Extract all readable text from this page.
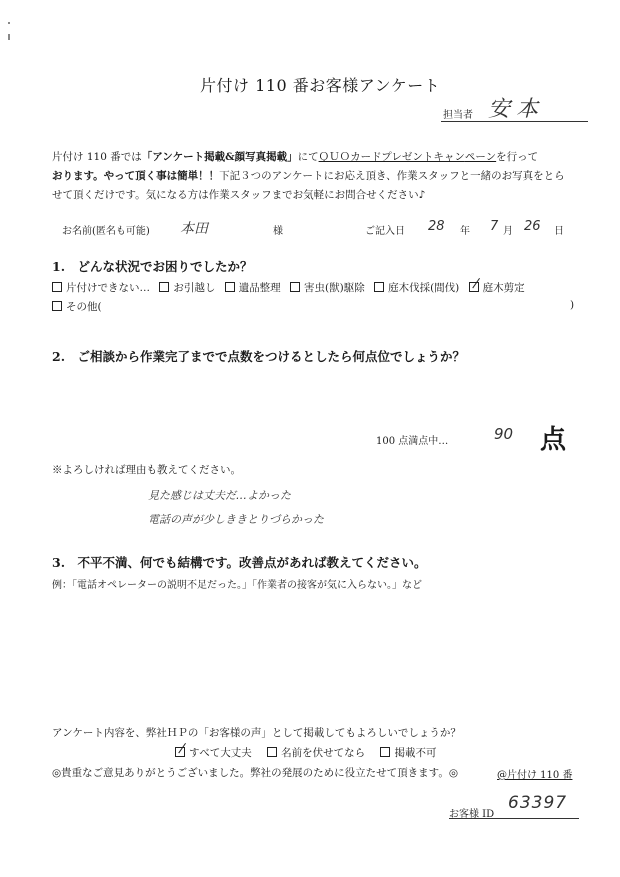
片付け 110 番お客様アンケート
担当者 安本
片付け 110 番では「アンケート掲載&顔写真掲載」にてＱＵＯカードプレゼントキャンペーンを行って
おります。やって頂く事は簡単！！下記３つのアンケートにお応え頂き、作業スタッフと一緒のお写真をとら
せて頂くだけです。気になる方は作業スタッフまでお気軽にお問合せください♪
お名前(匿名も可能) 本田	様	ご記入日 28 年 7 月 26 日
1.　どんな状況でお困りでしたか？
片付けできない… お引越し 遺品整理 害虫(獣)駆除 庭木伐採(間伐) 庭木剪定
その他(	)
2.　ご相談から作業完了までで点数をつけるとしたら何点位でしょうか？
100 点満点中…	90 点
※よろしければ理由も教えてください。
見た感じは丈夫だ…よかった
電話の声が少しききとりづらかった
3.　不平不満、何でも結構です。改善点があれば教えてください。
例：「電話オペレーターの説明不足だった。」「作業者の接客が気に入らない。」など
アンケート内容を、弊社ＨＰの「お客様の声」として掲載してもよろしいでしょうか？
すべて大丈夫	名前を伏せてなら	掲載不可
◎貴重なご意見ありがとうございました。弊社の発展のために役立たせて頂きます。◎	@片付け 110 番
お客様 ID
63397
